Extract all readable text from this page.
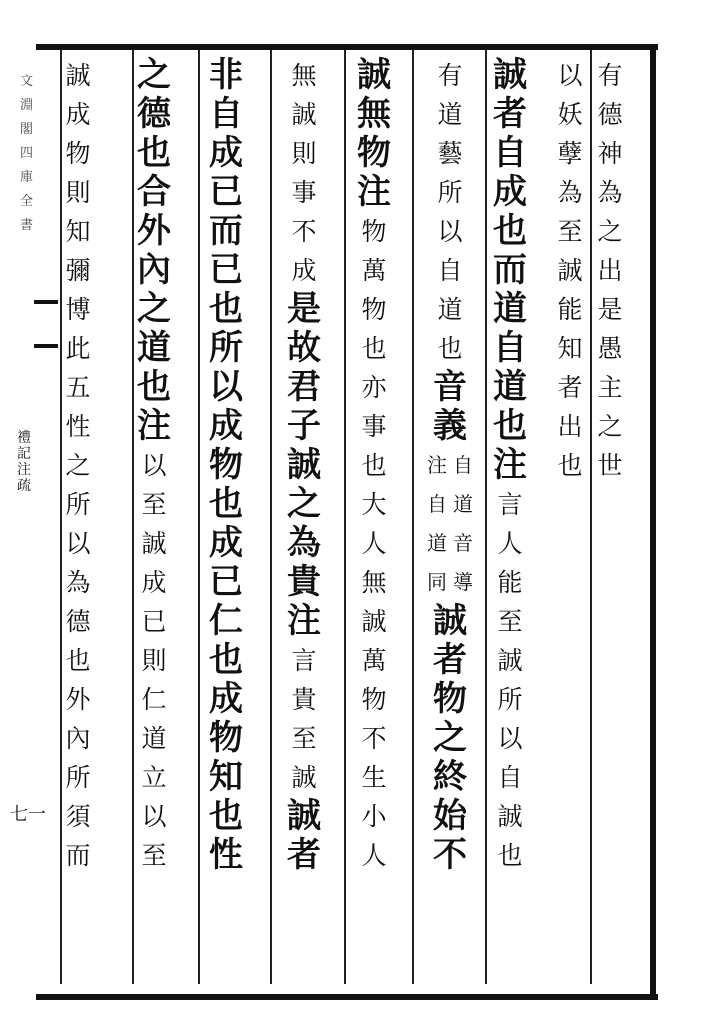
禮
記
注
疏
七一
文
淵
閣
四
庫
全
書
有
德
神
為
之
出
是
愚
主
之
世
以
妖
孽
為
至
誠
能
知
者
出
也
誠
者
自
成
也
而
道
自
道
也
注
言
人
能
至
誠
所
以
自
誠
也
有
道
藝
所
以
自
道
也
音
義
自
道
音
導
注
自
道
同
誠
者
物
之
終
始
不
誠
無
物
注
物
萬
物
也
亦
事
也
大
人
無
誠
萬
物
不
生
小
人
無
誠
則
事
不
成
是
故
君
子
誠
之
為
貴
注
言
貴
至
誠
誠
者
非
自
成
已
而
已
也
所
以
成
物
也
成
已
仁
也
成
物
知
也
性
之
德
也
合
外
內
之
道
也
注
以
至
誠
成
已
則
仁
道
立
以
至
誠
成
物
則
知
彌
博
此
五
性
之
所
以
為
德
也
外
內
所
須
而
